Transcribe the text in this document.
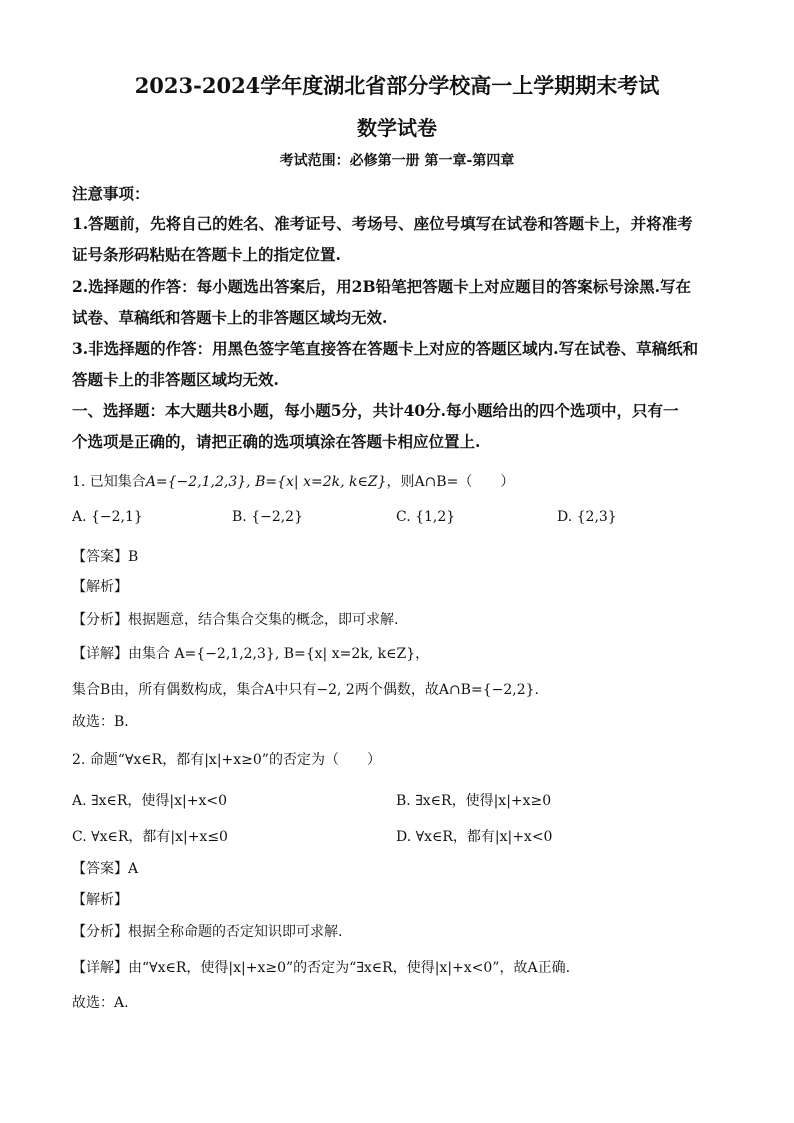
2023-2024学年度湖北省部分学校高一上学期期末考试
数学试卷
考试范围：必修第一册 第一章-第四章
注意事项：
1.答题前，先将自己的姓名、准考证号、考场号、座位号填写在试卷和答题卡上，并将准考
证号条形码粘贴在答题卡上的指定位置.
2.选择题的作答：每小题选出答案后，用2B铅笔把答题卡上对应题目的答案标号涂黑.写在
试卷、草稿纸和答题卡上的非答题区域均无效.
3.非选择题的作答：用黑色签字笔直接答在答题卡上对应的答题区域内.写在试卷、草稿纸和
答题卡上的非答题区域均无效.
一、选择题：本大题共8小题，每小题5分，共计40分.每小题给出的四个选项中，只有一
个选项是正确的，请把正确的选项填涂在答题卡相应位置上.
1. 已知集合A={−2,1,2,3}, B={x| x=2k, k∈Z}，则A∩B=（　　）
A. {−2,1}	B. {−2,2}	C. {1,2}	D. {2,3}
【答案】B
【解析】
【分析】根据题意，结合集合交集的概念，即可求解.
【详解】由集合 A={−2,1,2,3}, B={x| x=2k, k∈Z}，
集合B由，所有偶数构成，集合A中只有−2, 2两个偶数，故A∩B={−2,2}.
故选：B.
2. 命题“∀x∈R，都有|x|+x≥0”的否定为（　　）
A. ∃x∈R，使得|x|+x<0	B. ∃x∈R，使得|x|+x≥0
C. ∀x∈R，都有|x|+x≤0	D. ∀x∈R，都有|x|+x<0
【答案】A
【解析】
【分析】根据全称命题的否定知识即可求解.
【详解】由“∀x∈R，使得|x|+x≥0”的否定为“∃x∈R，使得|x|+x<0”，故A正确.
故选：A.
